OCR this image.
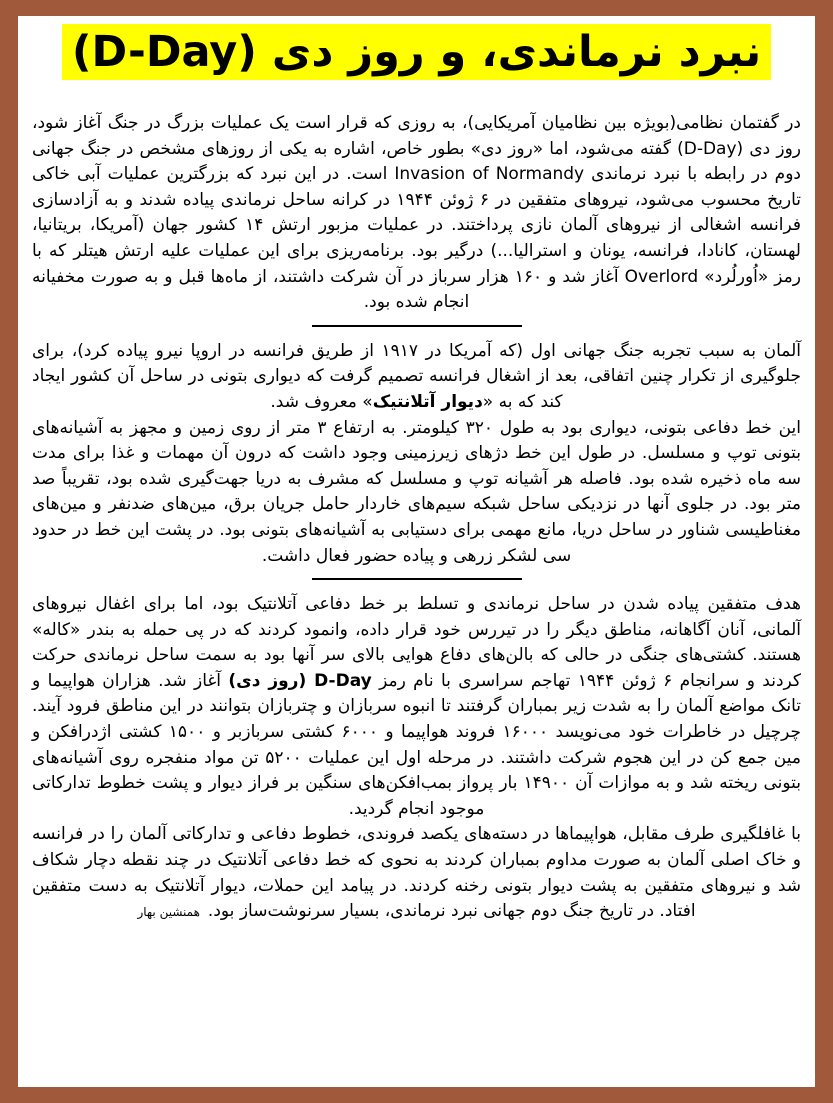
نبرد نرماندی، و روز دی (D-Day)

در گفتمان نظامی(بویژه بین نظامیان آمریکایی)، به روزی که قرار است یک عملیات بزرگ در جنگ آغاز شود، روز دی (D-Day) گفته می‌شود، اما «روز دی» بطور خاص، اشاره به یکی از روزهای مشخص در جنگ جهانی دوم در رابطه با نبرد نرماندی Invasion of Normandy است. در این نبرد که بزرگترین عملیات آبی خاکی تاریخ محسوب می‌شود، نیروهای متفقین در ۶ ژوئن ۱۹۴۴ در کرانه ساحل نرماندی پیاده شدند و به آزادسازی فرانسه اشغالی از نیروهای آلمان نازی پرداختند. در عملیات مزبور ارتش ۱۴ کشور جهان (آمریکا، بریتانیا، لهستان، کانادا، فرانسه، یونان و استرالیا...) درگیر بود. برنامه‌ریزی برای این عملیات علیه ارتش هیتلر که با رمز «اُورلُرد» Overlord آغاز شد و ۱۶۰ هزار سرباز در آن شرکت داشتند، از ماه‌ها قبل و به صورت مخفیانه انجام شده بود.

آلمان به سبب تجربه جنگ جهانی اول (که آمریکا در ۱۹۱۷ از طریق فرانسه در اروپا نیرو پیاده کرد)، برای جلوگیری از تکرار چنین اتفاقی، بعد از اشغال فرانسه تصمیم گرفت که دیواری بتونی در ساحل آن کشور ایجاد کند که به «دیوار آتلانتیک» معروف شد.

این خط دفاعی بتونی، دیواری بود به طول ۳۲۰ کیلومتر. به ارتفاع ۳ متر از روی زمین و مجهز به آشیانه‌های بتونی توپ و مسلسل. در طول این خط دژهای زیرزمینی وجود داشت که درون آن مهمات و غذا برای مدت سه ماه ذخیره شده بود. فاصله هر آشیانه توپ و مسلسل که مشرف به دریا جهت‌گیری شده بود، تقریباً صد متر بود. در جلوی آنها در نزدیکی ساحل شبکه سیم‌های خاردار حامل جریان برق، مین‌های ضدنفر و مین‌های مغناطیسی شناور در ساحل دریا، مانع مهمی برای دستیابی به آشیانه‌های بتونی بود. در پشت این خط در حدود سی لشکر زرهی و پیاده حضور فعال داشت.

هدف متفقین پیاده شدن در ساحل نرماندی و تسلط بر خط دفاعی آتلانتیک بود، اما برای اغفال نیروهای آلمانی، آنان آگاهانه، مناطق دیگر را در تیررس خود قرار داده، وانمود کردند که در پی حمله به بندر «کاله» هستند. کشتی‌های جنگی در حالی که بالن‌های دفاع هوایی بالای سر آنها بود به سمت ساحل نرماندی حرکت کردند و سرانجام ۶ ژوئن ۱۹۴۴ تهاجم سراسری با نام رمز D-Day (روز دی) آغاز شد. هزاران هواپیما و تانک مواضع آلمان را به شدت زیر بمباران گرفتند تا انبوه سربازان و چتربازان بتوانند در این مناطق فرود آیند. چرچیل در خاطرات خود می‌نویسد ۱۶۰۰۰ فروند هواپیما و ۶۰۰۰ کشتی سربازبر و ۱۵۰۰ کشتی اژدرافکن و مین جمع کن در این هجوم شرکت داشتند. در مرحله اول این عملیات ۵۲۰۰ تن مواد منفجره روی آشیانه‌های بتونی ریخته شد و به موازات آن ۱۴۹۰۰ بار پرواز بمب‌افکن‌های سنگین بر فراز دیوار و پشت خطوط تدارکاتی موجود انجام گردید.

با غافلگیری طرف مقابل، هواپیماها در دسته‌های یکصد فروندی، خطوط دفاعی و تدارکاتی آلمان را در فرانسه و خاک اصلی آلمان به صورت مداوم بمباران کردند به نحوی که خط دفاعی آتلانتیک در چند نقطه دچار شکاف شد و نیروهای متفقین به پشت دیوار بتونی رخنه کردند. در پیامد این حملات، دیوار آتلانتیک به دست متفقین افتاد. در تاریخ جنگ دوم جهانی نبرد نرماندی، بسیار سرنوشت‌ساز بود.همنشین بهار
